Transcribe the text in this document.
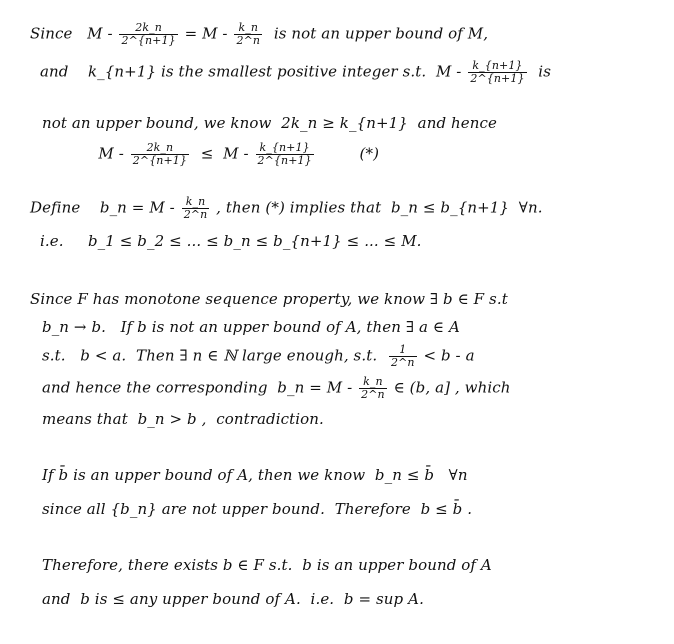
Since   $M - \frac{2k\_n}{2\^{}\{n+1\}} = M - \frac{k\_n}{2\^{}n}$ is not an upper bound of M,
and    k_{n+1} is the smallest positive integer s.t.  M - $\frac{k\_\{n+1\}}{2\^{}\{n+1\}}$ is
not an upper bound, we know  2k_n ≥ k_{n+1}  and hence
$M - \frac{2k\_n}{2\^{}\{n+1\}} \le M - \frac{k\_\{n+1\}}{2\^{}\{n+1\}}$ (*)
Define    b_n = M - $\frac{k\_n}{2\^{}n}$ , then (*) implies that  b_n ≤ b_{n+1}  ∀n.
i.e.     b_1 ≤ b_2 ≤ ... ≤ b_n ≤ b_{n+1} ≤ ... ≤ M.
Since F has monotone sequence property, we know ∃ b ∈ F s.t
b_n → b.   If b is not an upper bound of A, then ∃ a ∈ A
s.t.   b < a.  Then ∃ n ∈ ℕ large enough, s.t. $\frac{1}{2\^{}n} < b - a$
and hence the corresponding  b_n = M - $\frac{k\_n}{2\^{}n}$ ∈ (b, a] , which
means that  b_n > b ,  contradiction.
If b̄ is an upper bound of A, then we know  b_n ≤ b̄   ∀n
since all {b_n} are not upper bound.  Therefore  b ≤ b̄ .
Therefore, there exists b ∈ F s.t.  b is an upper bound of A
and  b is ≤ any upper bound of A.  i.e.  b = sup A.
